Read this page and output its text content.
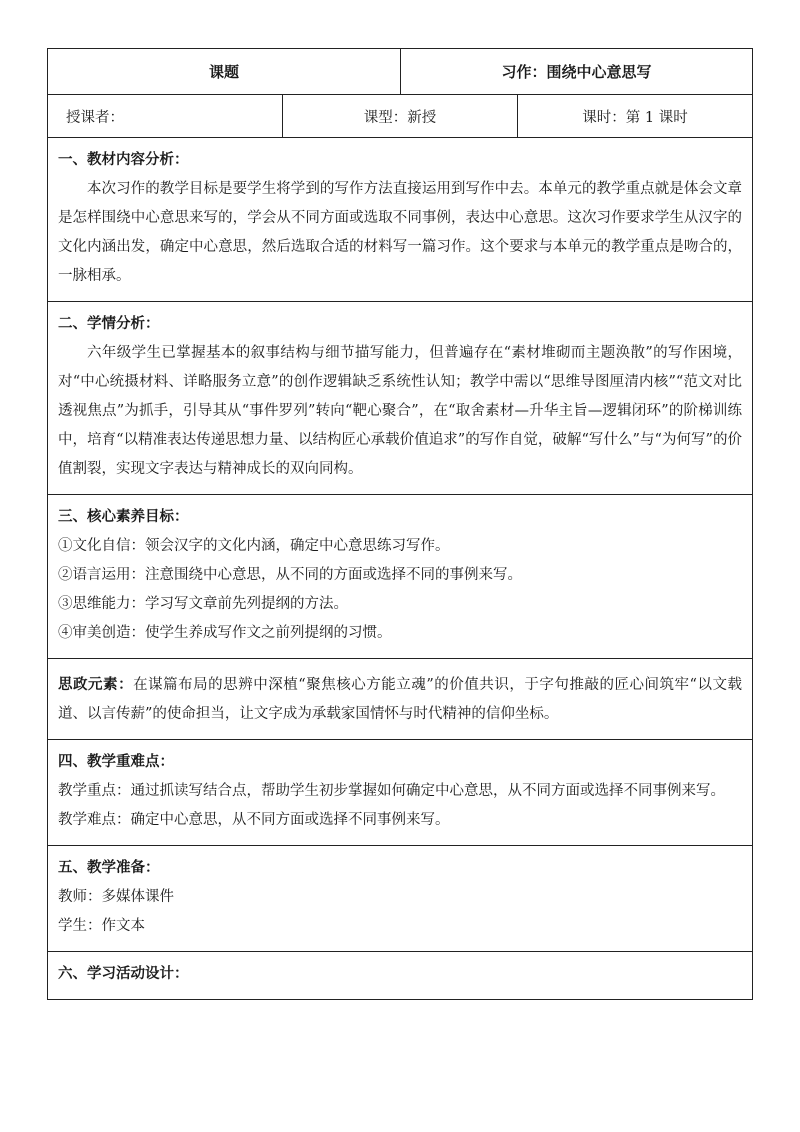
课题		习作：围绕中心意思写	

授课者：	课型：新授		课时：第 1 课时

一、教材内容分析：

本次习作的教学目标是要学生将学到的写作方法直接运用到写作中去。本单元的教学重点就是体会文章是怎样围绕中心意思来写的，学会从不同方面或选取不同事例，表达中心意思。这次习作要求学生从汉字的文化内涵出发，确定中心意思，然后选取合适的材料写一篇习作。这个要求与本单元的教学重点是吻合的，一脉相承。			

二、学情分析：

六年级学生已掌握基本的叙事结构与细节描写能力，但普遍存在“素材堆砌而主题涣散”的写作困境，对“中心统摄材料、详略服务立意”的创作逻辑缺乏系统性认知；教学中需以“思维导图厘清内核”“范文对比透视焦点”为抓手，引导其从“事件罗列”转向“靶心聚合”，在“取舍素材—升华主旨—逻辑闭环”的阶梯训练中，培育“以精准表达传递思想力量、以结构匠心承载价值追求”的写作自觉，破解“写什么”与“为何写”的价值割裂，实现文字表达与精神成长的双向同构。			

三、核心素养目标：

①文化自信：领会汉字的文化内涵，确定中心意思练习写作。

②语言运用：注意围绕中心意思，从不同的方面或选择不同的事例来写。

③思维能力：学习写文章前先列提纲的方法。

④审美创造：使学生养成写作文之前列提纲的习惯。			

思政元素：在谋篇布局的思辨中深植“聚焦核心方能立魂”的价值共识，于字句推敲的匠心间筑牢“以文载道、以言传薪”的使命担当，让文字成为承载家国情怀与时代精神的信仰坐标。			

四、教学重难点：

教学重点：通过抓读写结合点，帮助学生初步掌握如何确定中心意思，从不同方面或选择不同事例来写。

教学难点：确定中心意思，从不同方面或选择不同事例来写。			

五、教学准备：

教师：多媒体课件

学生：作文本			

六、学习活动设计：			
